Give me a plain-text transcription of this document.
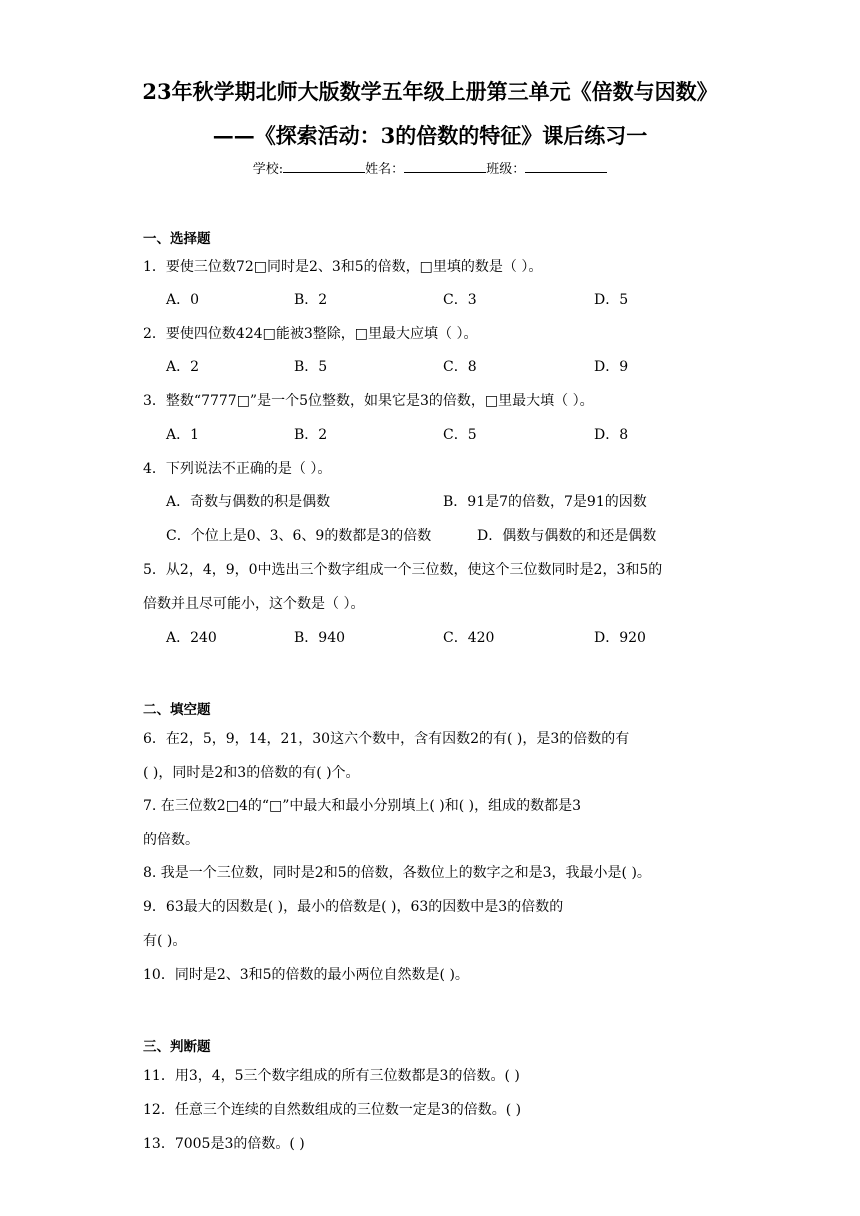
23年秋学期北师大版数学五年级上册第三单元《倍数与因数》
——《探索活动：3的倍数的特征》课后练习一
学校:	姓名：	班级：
一、选择题
1．要使三位数72□同时是2、3和5的倍数，□里填的数是（ ）。
A．0	B．2	C．3	D．5
2．要使四位数424□能被3整除，□里最大应填（ ）。
A．2	B．5	C．8	D．9
3．整数“7777□”是一个5位整数，如果它是3的倍数，□里最大填（ ）。
A．1	B．2	C．5	D．8
4．下列说法不正确的是（ ）。
A．奇数与偶数的积是偶数	B．91是7的倍数，7是91的因数
C．个位上是0、3、6、9的数都是3的倍数	D．偶数与偶数的和还是偶数
5．从2，4，9，0中选出三个数字组成一个三位数，使这个三位数同时是2，3和5的
倍数并且尽可能小，这个数是（ ）。
A．240	B．940	C．420	D．920
二、填空题
6．在2，5，9，14，21，30这六个数中，含有因数2的有( )，是3的倍数的有
( )，同时是2和3的倍数的有( )个。
7. 在三位数2□4的“□”中最大和最小分别填上( )和( )，组成的数都是3
的倍数。
8. 我是一个三位数，同时是2和5的倍数，各数位上的数字之和是3，我最小是( )。
9．63最大的因数是( )，最小的倍数是( )，63的因数中是3的倍数的
有( )。
10．同时是2、3和5的倍数的最小两位自然数是( )。
三、判断题
11．用3，4，5三个数字组成的所有三位数都是3的倍数。( )
12．任意三个连续的自然数组成的三位数一定是3的倍数。( )
13．7005是3的倍数。( )
